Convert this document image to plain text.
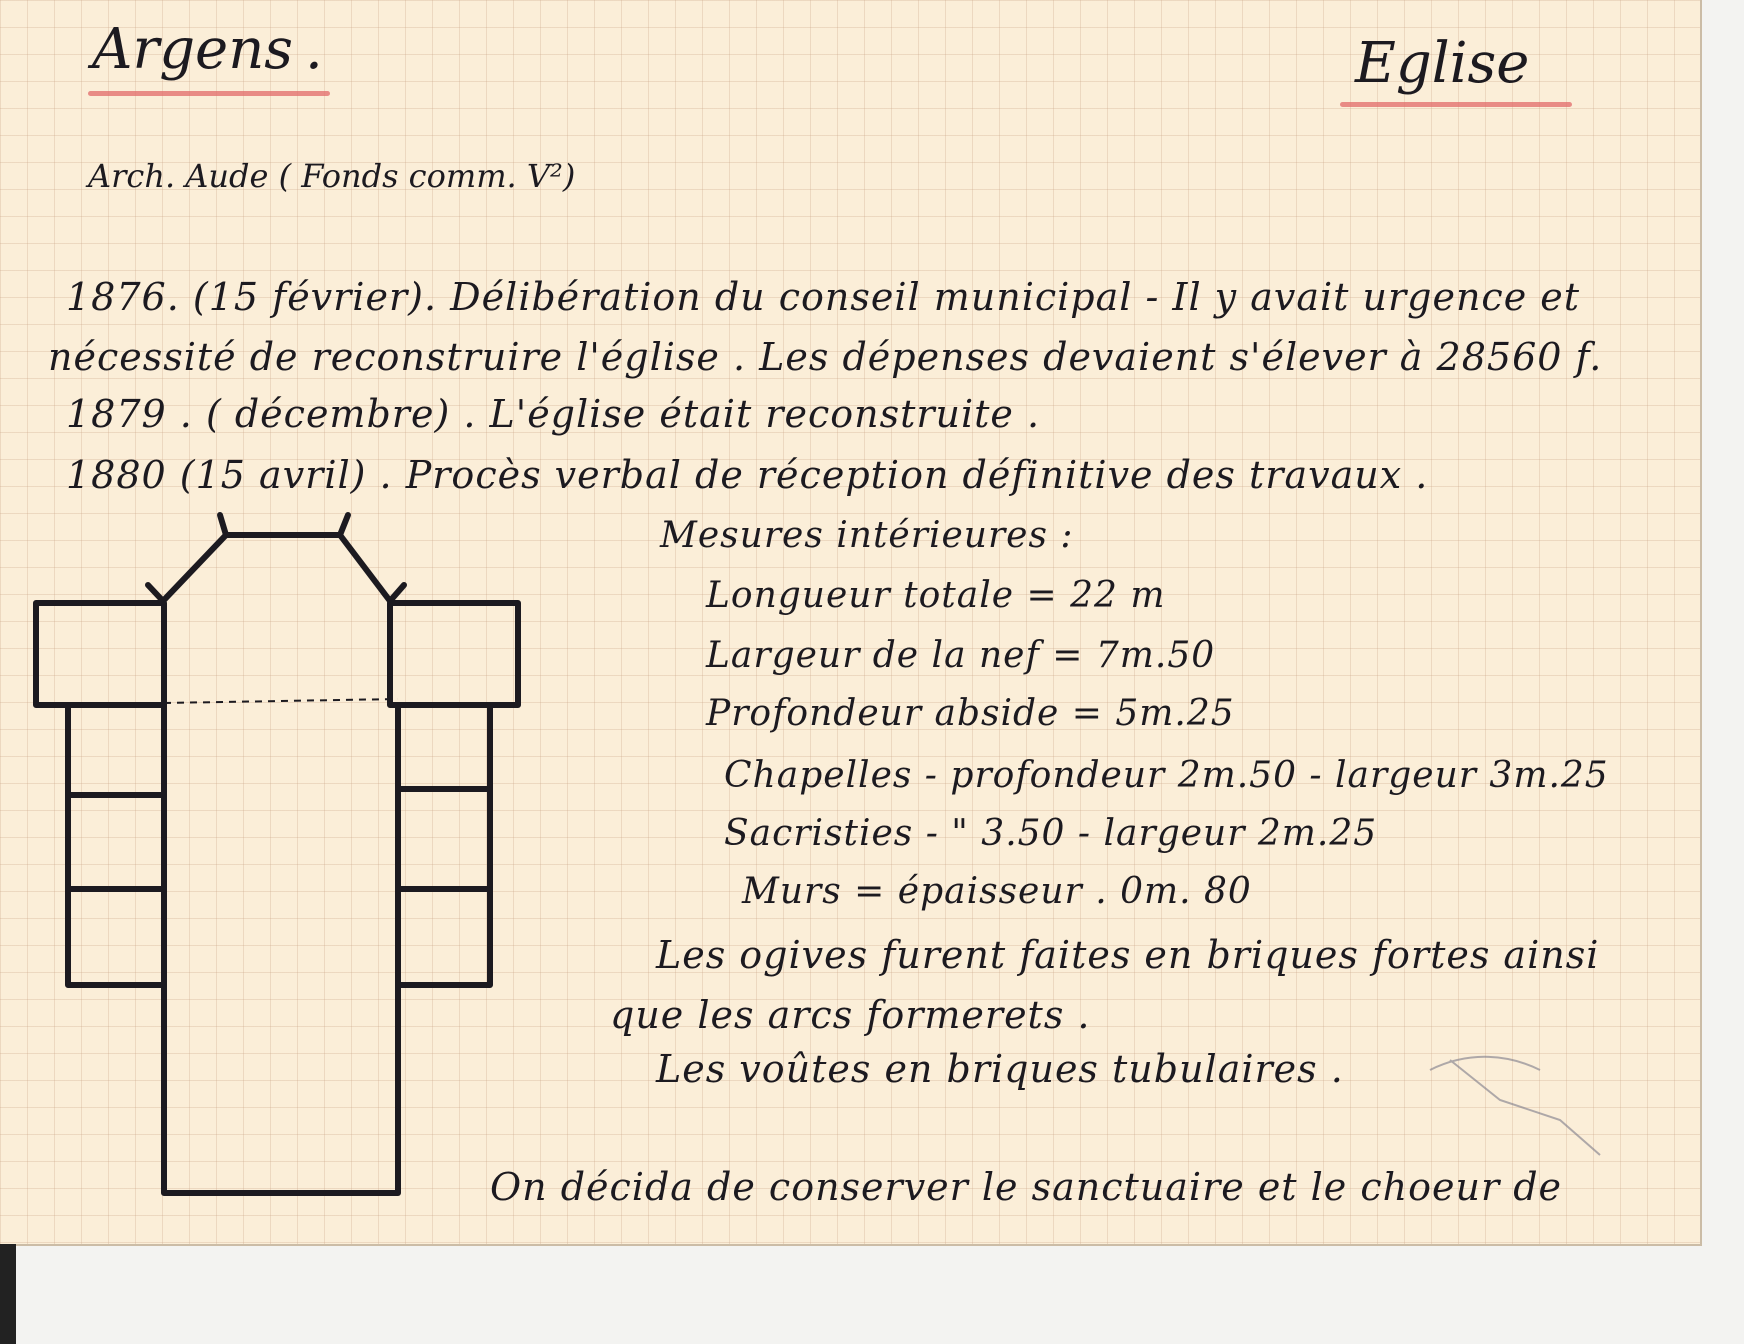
Argens .	Eglise
Arch. Aude ( Fonds comm. V²)
1876. (15 février). Délibération du conseil municipal - Il y avait urgence et
nécessité de reconstruire l'église . Les dépenses devaient s'élever à 28560 f.
1879 . ( décembre) . L'église était reconstruite .
1880 (15 avril) . Procès verbal de réception définitive des travaux .
Mesures intérieures :
Longueur totale = 22 m
Largeur de la nef = 7m.50
Profondeur abside = 5m.25
Chapelles - profondeur 2m.50 - largeur 3m.25
Sacristies - " 3.50 - largeur 2m.25
Murs = épaisseur . 0m. 80
Les ogives furent faites en briques fortes ainsi
que les arcs formerets .
Les voûtes en briques tubulaires .
On décida de conserver le sanctuaire et le choeur de
